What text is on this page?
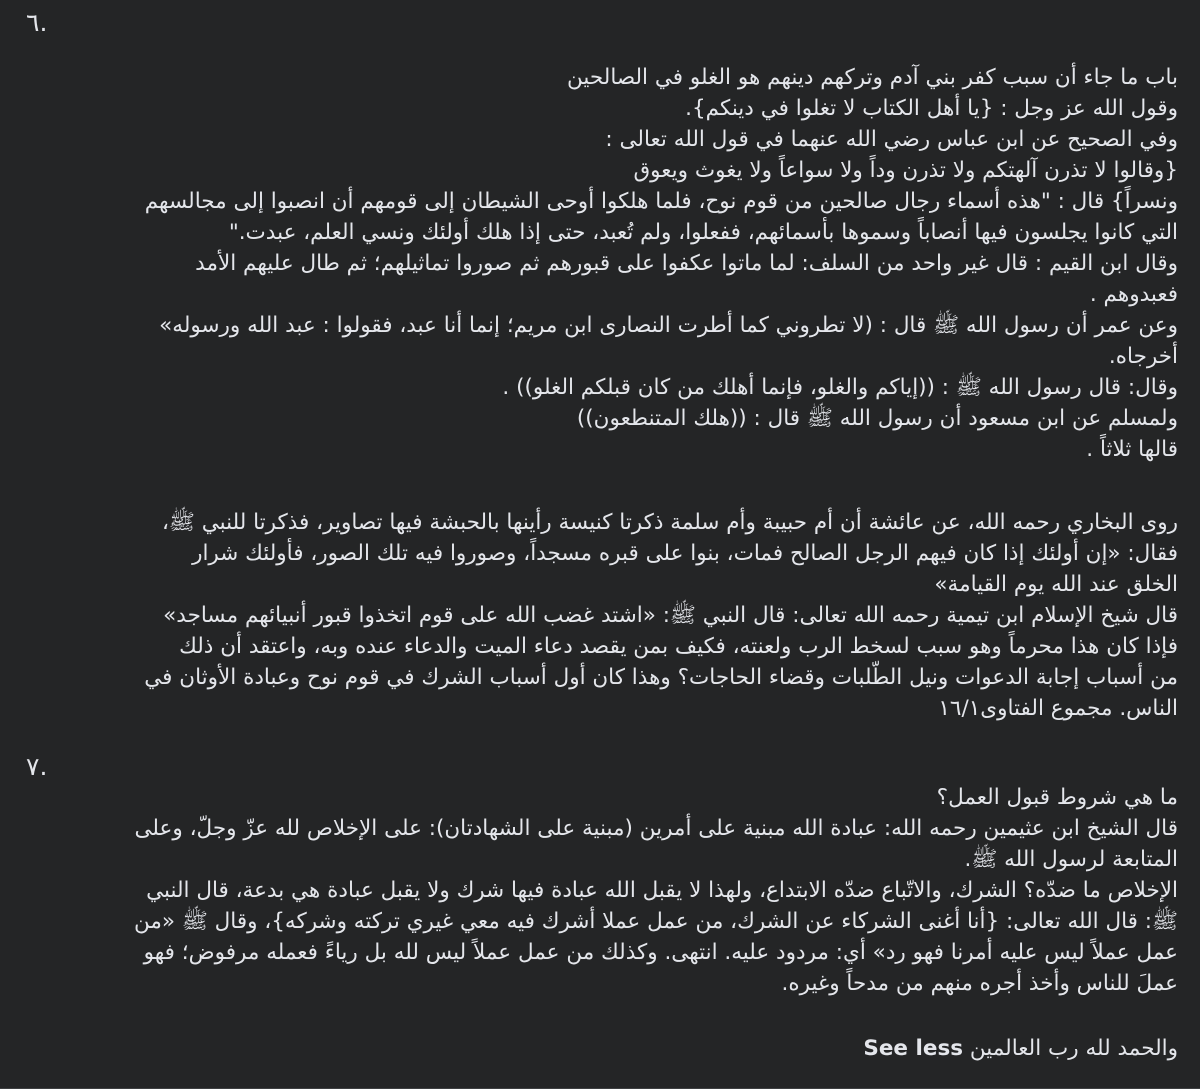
٦.
باب ما جاء أن سبب كفر بني آدم وتركهم دينهم هو الغلو في الصالحين
وقول الله عز وجل : {يا أهل الكتاب لا تغلوا في دينكم}.
وفي الصحيح عن ابن عباس رضي الله عنهما في قول الله تعالى :
{وقالوا لا تذرن آلهتكم ولا تذرن وداً ولا سواعاً ولا يغوث ويعوق
ونسراً} قال : "هذه أسماء رجال صالحين من قوم نوح، فلما هلكوا أوحى الشيطان إلى قومهم أن انصبوا إلى مجالسهم
التي كانوا يجلسون فيها أنصاباً وسموها بأسمائهم، ففعلوا، ولم تُعبد، حتى إذا هلك أولئك ونسي العلم، عبدت."
وقال ابن القيم : قال غير واحد من السلف: لما ماتوا عكفوا على قبورهم ثم صوروا تماثيلهم؛ ثم طال عليهم الأمد
فعبدوهم .
وعن عمر أن رسول الله ﷺ قال : (لا تطروني كما أطرت النصارى ابن مريم؛ إنما أنا عبد، فقولوا : عبد الله ورسوله»
أخرجاه.
وقال: قال رسول الله ﷺ : ((إياكم والغلو، فإنما أهلك من كان قبلكم الغلو)) .
ولمسلم عن ابن مسعود أن رسول الله ﷺ قال : ((هلك المتنطعون))
قالها ثلاثاً .
روى البخاري رحمه الله، عن عائشة أن أم حبيبة وأم سلمة ذكرتا كنيسة رأينها بالحبشة فيها تصاوير، فذكرتا للنبي ﷺ،
فقال: «إن أولئك إذا كان فيهم الرجل الصالح فمات، بنوا على قبره مسجداً، وصوروا فيه تلك الصور، فأولئك شرار
الخلق عند الله يوم القيامة»
قال شيخ الإسلام ابن تيمية رحمه الله تعالى: قال النبي ﷺ: «اشتد غضب الله على قوم اتخذوا قبور أنبيائهم مساجد»
فإذا كان هذا محرماً وهو سبب لسخط الرب ولعنته، فكيف بمن يقصد دعاء الميت والدعاء عنده وبه، واعتقد أن ذلك
من أسباب إجابة الدعوات ونيل الطّلبات وقضاء الحاجات؟ وهذا كان أول أسباب الشرك في قوم نوح وعبادة الأوثان في
الناس. مجموع الفتاوى١٦/١
٧.
ما هي شروط قبول العمل؟
قال الشيخ ابن عثيمين رحمه الله: عبادة الله مبنية على أمرين (مبنية على الشهادتان): على الإخلاص لله عزّ وجلّ، وعلى
المتابعة لرسول الله ﷺ.
الإخلاص ما ضدّه؟ الشرك، والاتّباع ضدّه الابتداع، ولهذا لا يقبل الله عبادة فيها شرك ولا يقبل عبادة هي بدعة، قال النبي
ﷺ: قال الله تعالى: {أنا أغنى الشركاء عن الشرك، من عمل عملا أشرك فيه معي غيري تركته وشركه}، وقال ﷺ «من
عمل عملاً ليس عليه أمرنا فهو رد» أي: مردود عليه. انتهى. وكذلك من عمل عملاً ليس لله بل رياءً فعمله مرفوض؛ فهو
عملَ للناس وأخذ أجره منهم من مدحاً وغيره.
والحمد لله رب العالمين See less
